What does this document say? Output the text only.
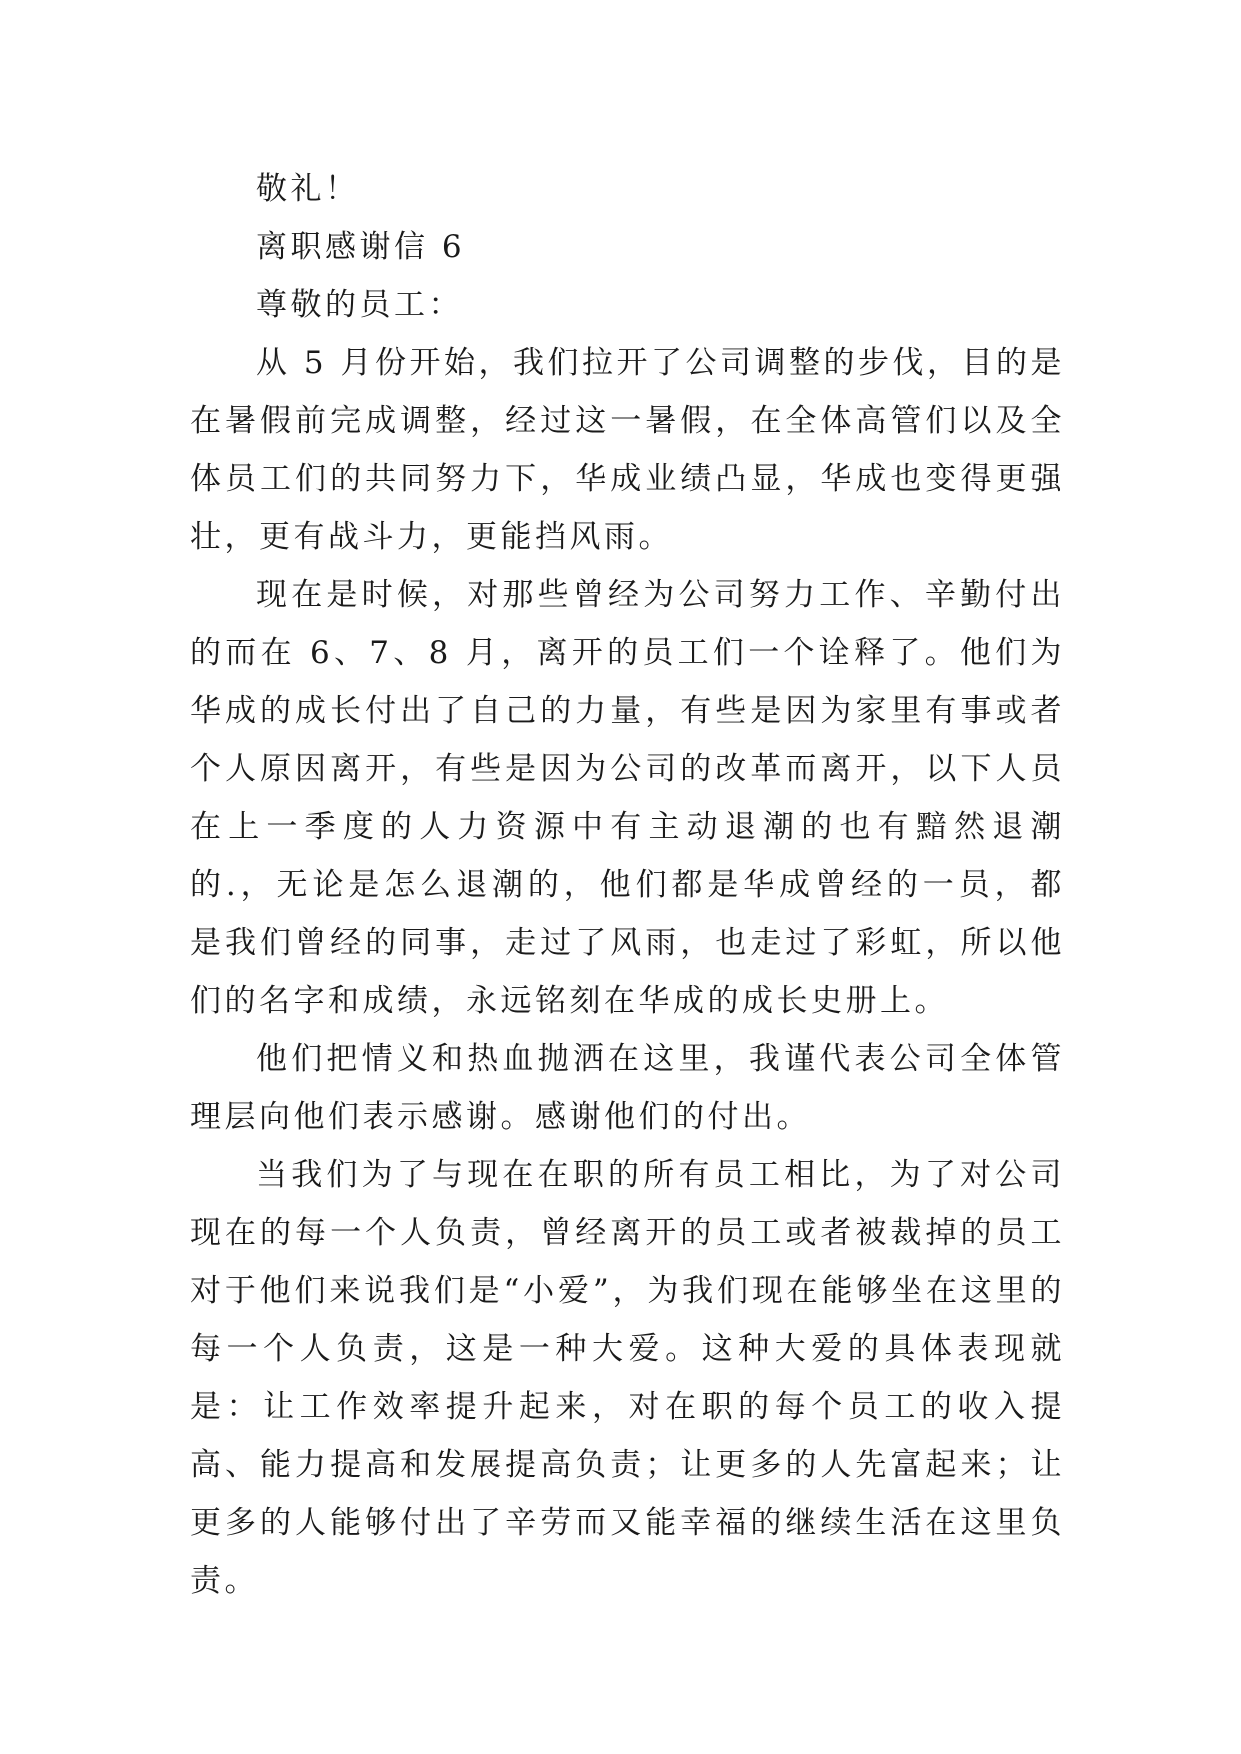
敬礼！

离职感谢信 6

尊敬的员工：

从 5 月份开始，我们拉开了公司调整的步伐，目的是在暑假前完成调整，经过这一暑假，在全体高管们以及全体员工们的共同努力下，华成业绩凸显，华成也变得更强壮，更有战斗力，更能挡风雨。

现在是时候，对那些曾经为公司努力工作、辛勤付出的而在 6、7、8 月，离开的员工们一个诠释了。他们为华成的成长付出了自己的力量，有些是因为家里有事或者个人原因离开，有些是因为公司的改革而离开，以下人员在上一季度的人力资源中有主动退潮的也有黯然退潮的.，无论是怎么退潮的，他们都是华成曾经的一员，都是我们曾经的同事，走过了风雨，也走过了彩虹，所以他们的名字和成绩，永远铭刻在华成的成长史册上。

他们把情义和热血抛洒在这里，我谨代表公司全体管理层向他们表示感谢。感谢他们的付出。

当我们为了与现在在职的所有员工相比，为了对公司现在的每一个人负责，曾经离开的员工或者被裁掉的员工对于他们来说我们是“小爱”，为我们现在能够坐在这里的每一个人负责，这是一种大爱。这种大爱的具体表现就是：让工作效率提升起来，对在职的每个员工的收入提高、能力提高和发展提高负责；让更多的人先富起来；让更多的人能够付出了辛劳而又能幸福的继续生活在这里负责。
